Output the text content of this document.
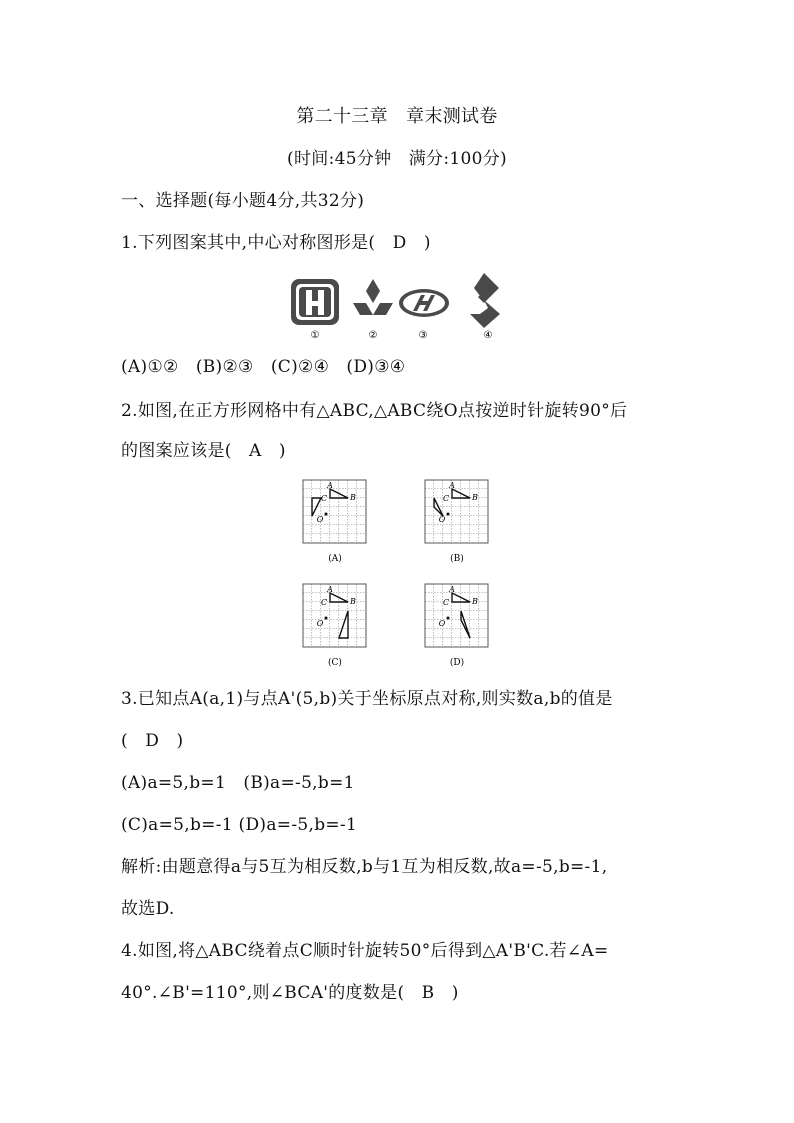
第二十三章　章末测试卷
(时间:45分钟　满分:100分)
一、选择题(每小题4分,共32分)
1.下列图案其中,中心对称图形是(　D　)
①	②	③	④
(A)①②　(B)②③　(C)②④　(D)③④
2.如图,在正方形网格中有△ABC,△ABC绕O点按逆时针旋转90°后
的图案应该是(　A　)
A
B
C
O
(A)
A
B
C
O
(B)
A
B
C
O
(C)
A
B
C
O
(D)
3.已知点A(a,1)与点A'(5,b)关于坐标原点对称,则实数a,b的值是
(　D　)
(A)a=5,b=1　(B)a=-5,b=1
(C)a=5,b=-1 (D)a=-5,b=-1
解析:由题意得a与5互为相反数,b与1互为相反数,故a=-5,b=-1,
故选D.
4.如图,将△ABC绕着点C顺时针旋转50°后得到△A'B'C.若∠A=
40°.∠B'=110°,则∠BCA'的度数是(　B　)
